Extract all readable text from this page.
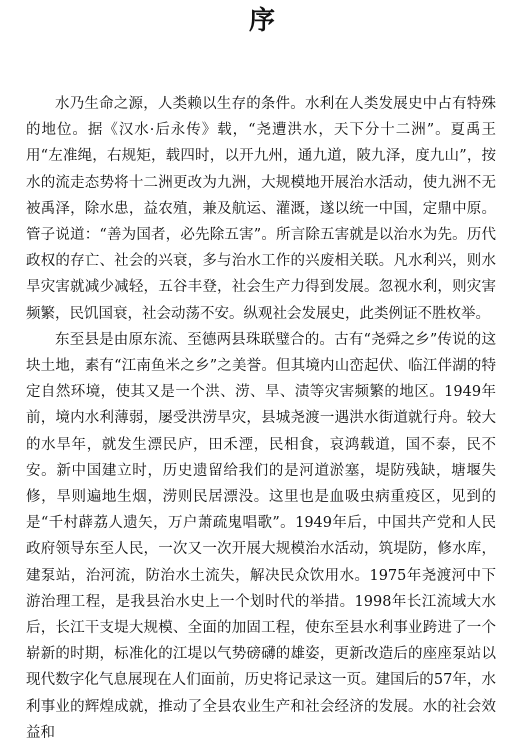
序

水乃生命之源，人类赖以生存的条件。水利在人类发展史中占有特殊的地位。据《汉水·后永传》载，“尧遭洪水，天下分十二洲”。夏禹王用“左准绳，右规矩，载四时，以开九州，通九道，陂九泽，度九山”，按水的流走态势将十二洲更改为九洲，大规模地开展治水活动，使九洲不无被禹泽，除水患，益农殖，兼及航运、灌溉，遂以统一中国，定鼎中原。管子说道：“善为国者，必先除五害”。所言除五害就是以治水为先。历代政权的存亡、社会的兴衰，多与治水工作的兴废相关联。凡水利兴，则水旱灾害就减少减轻，五谷丰登，社会生产力得到发展。忽视水利，则灾害频繁，民饥国衰，社会动荡不安。纵观社会发展史，此类例证不胜枚举。

东至县是由原东流、至德两县珠联璧合的。古有“尧舜之乡”传说的这块土地，素有“江南鱼米之乡”之美誉。但其境内山峦起伏、临江伴湖的特定自然环境，使其又是一个洪、涝、旱、渍等灾害频繁的地区。1949年前，境内水利薄弱，屡受洪涝旱灾，县城尧渡一遇洪水街道就行舟。较大的水旱年，就发生漂民庐，田禾湮，民相食，哀鸿载道，国不泰，民不安。新中国建立时，历史遗留给我们的是河道淤塞，堤防残缺，塘堰失修，旱则遍地生烟，涝则民居漂没。这里也是血吸虫病重疫区，见到的是“千村薜荔人遗矢，万户萧疏鬼唱歌”。1949年后，中国共产党和人民政府领导东至人民，一次又一次开展大规模治水活动，筑堤防，修水库，建泵站，治河流，防治水土流失，解决民众饮用水。1975年尧渡河中下游治理工程，是我县治水史上一个划时代的举措。1998年长江流域大水后，长江干支堤大规模、全面的加固工程，使东至县水利事业跨进了一个崭新的时期，标准化的江堤以气势磅礴的雄姿，更新改造后的座座泵站以现代数字化气息展现在人们面前，历史将记录这一页。建国后的57年，水利事业的辉煌成就，推动了全县农业生产和社会经济的发展。水的社会效益和
